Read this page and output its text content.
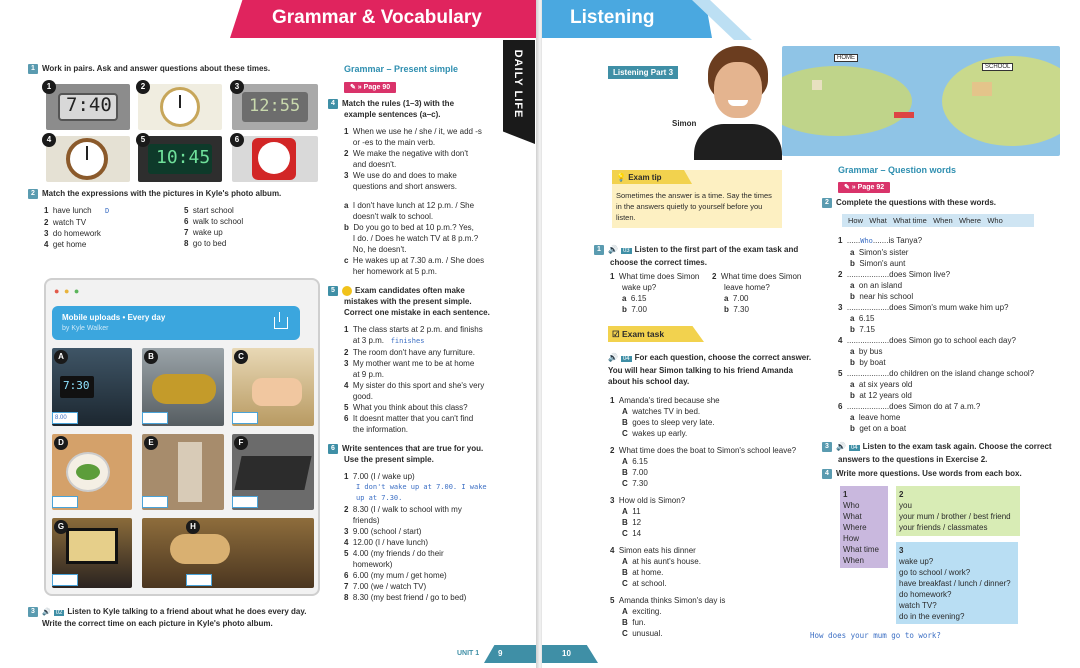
Grammar & Vocabulary
DAILY LIFE
1 Work in pairs. Ask and answer questions about these times.
7:40	12:55
10:45
1	2	3
4	5	6
2 Match the expressions with the pictures in Kyle's photo album.
1 have lunch D
2 watch TV
3 do homework
4 get home
5 start school
6 walk to school
7 wake up
8 go to bed
● ● ●
Mobile uploads • Every day
by Kyle Walker
7:30
A	B	C
D	E	F
G	H
8.00
3 🔊 02 Listen to Kyle talking to a friend about what he does every day.
Write the correct time on each picture in Kyle's photo album.
Grammar – Present simple
✎ » Page 90
4 Match the rules (1–3) with the
example sentences (a–c).
1 When we use he / she / it, we add -s
or -es to the main verb.
2 We make the negative with don't
and doesn't.
3 We use do and does to make
questions and short answers.
a I don't have lunch at 12 p.m. / She
doesn't walk to school.
b Do you go to bed at 10 p.m.? Yes,
I do. / Does he watch TV at 8 p.m.?
No, he doesn't.
c He wakes up at 7.30 a.m. / She does
her homework at 5 p.m.
5	Exam candidates often make
mistakes with the present simple.
Correct one mistake in each sentence.
1 The class starts at 2 p.m. and finishs
at 3 p.m. finishes
2 The room don't have any furniture.
3 My mother want me to be at home
at 9 p.m.
4 My sister do this sport and she's very
good.
5 What you think about this class?
6 It doesnt matter that you can't find
the information.
6 Write sentences that are true for you.
Use the present simple.
1 7.00 (I / wake up)
I don't wake up at 7.00. I wake
up at 7.30.
2 8.30 (I / walk to school with my
friends)
3 9.00 (school / start)
4 12.00 (I / have lunch)
5 4.00 (my friends / do their
homework)
6 6.00 (my mum / get home)
7 7.00 (we / watch TV)
8 8.30 (my best friend / go to bed)
UNIT 1 9
Listening
Listening Part 3
Simon
HOME
SCHOOL
💡 Exam tip
Sometimes the answer is a time. Say the times
in the answers quietly to yourself before you
listen.
1 🔊 03 Listen to the first part of the exam task and
choose the correct times.
1 What time does Simon
wake up?
a 6.15
b 7.00
2 What time does Simon
leave home?
a 7.00
b 7.30
☑ Exam task
🔊 04 For each question, choose the correct answer.
You will hear Simon talking to his friend Amanda
about his school day.
1 Amanda's tired because she
A watches TV in bed.
B goes to sleep very late.
C wakes up early.
2 What time does the boat to Simon's school leave?
A 6.15
B 7.00
C 7.30
3 How old is Simon?
A 11
B 12
C 14
4 Simon eats his dinner
A at his aunt's house.
B at home.
C at school.
5 Amanda thinks Simon's day is
A exciting.
B fun.
C unusual.
Grammar – Question words
✎ » Page 92
2 Complete the questions with these words.
How What What time When Where Who
1  ......Who.......is Tanya?
a Simon's sister
b Simon's aunt
2  ...................does Simon live?
a on an island
b near his school
3  ...................does Simon's mum wake him up?
a 6.15
b 7.15
4  ...................does Simon go to school each day?
a by bus
b by boat
5  ...................do children on the island change school?
a at six years old
b at 12 years old
6  ...................does Simon do at 7 a.m.?
a leave home
b get on a boat
3 🔊 04 Listen to the exam task again. Choose the correct
answers to the questions in Exercise 2.
4 Write more questions. Use words from each box.
1
Who
What
Where
How
What time
When
2
you
your mum / brother / best friend
your friends / classmates
3
wake up?
go to school / work?
have breakfast / lunch / dinner?
do homework?
watch TV?
do in the evening?
How does your mum go to work?
10
